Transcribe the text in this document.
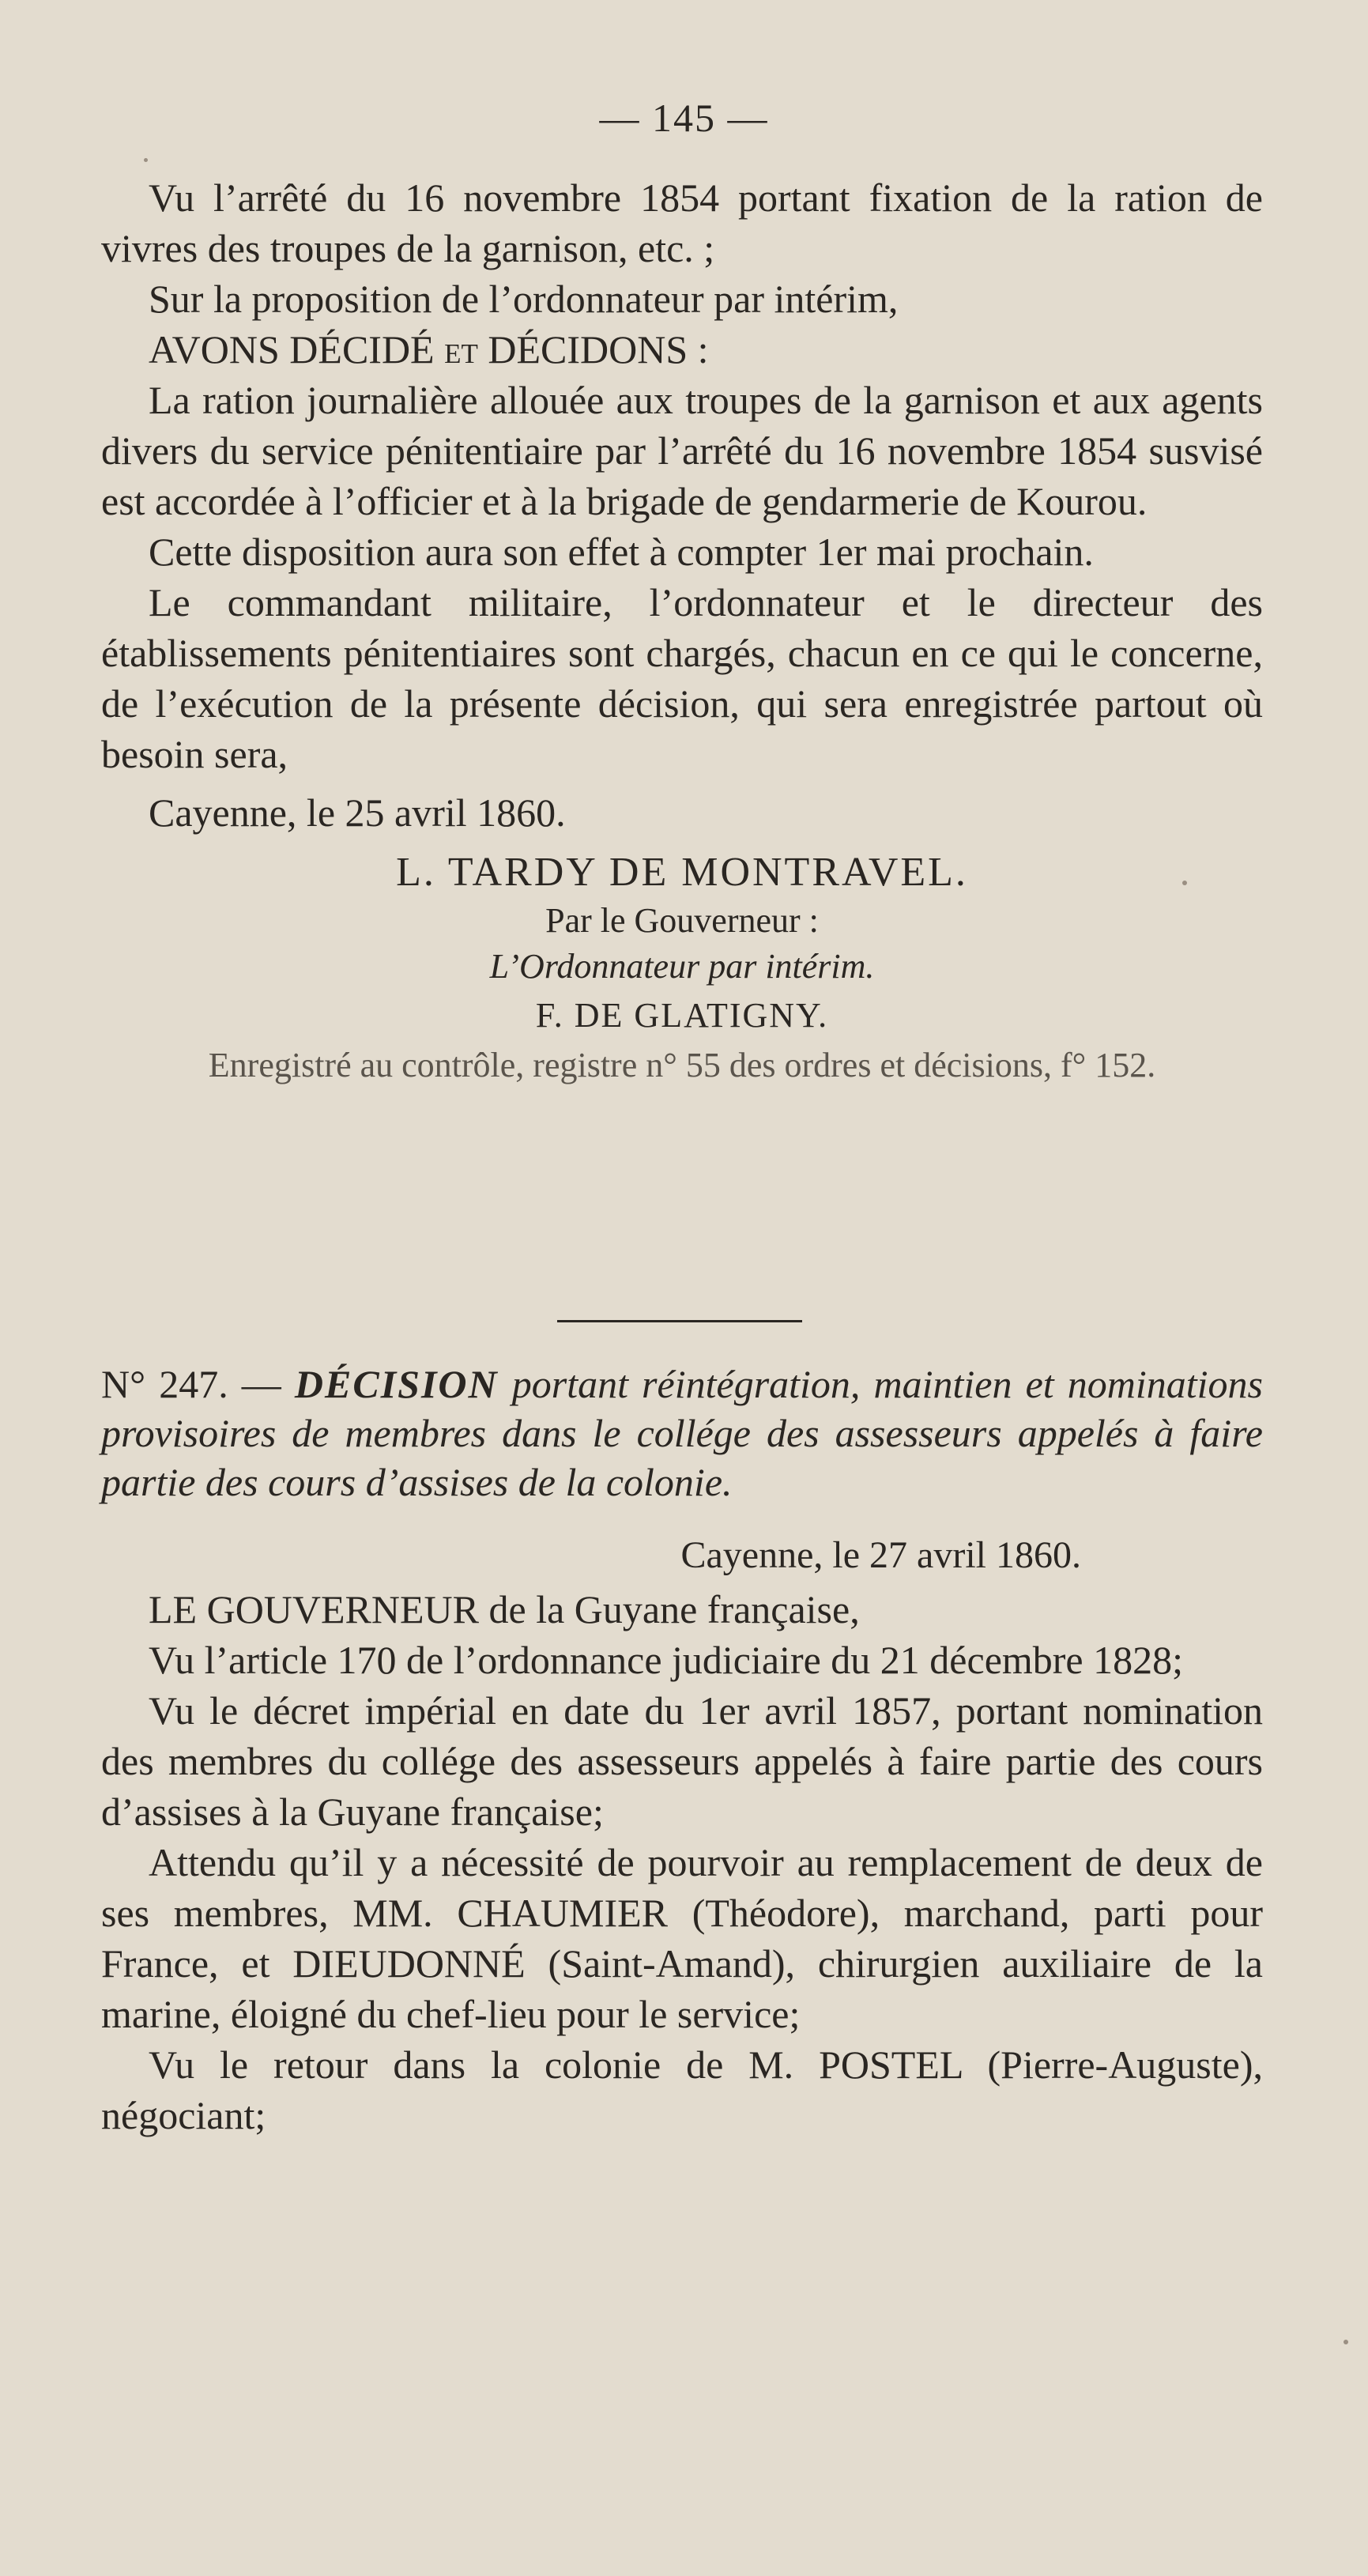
— 145 —

Vu l’arrêté du 16 novembre 1854 portant fixation de la ration de vivres des troupes de la garnison, etc. ;

Sur la proposition de l’ordonnateur par intérim,

AVONS DÉCIDÉ et DÉCIDONS :

La ration journalière allouée aux troupes de la garnison et aux agents divers du service pénitentiaire par l’arrêté du 16 novembre 1854 susvisé est accordée à l’officier et à la brigade de gendarmerie de Kourou.

Cette disposition aura son effet à compter 1er mai prochain.

Le commandant militaire, l’ordonnateur et le directeur des établissements pénitentiaires sont chargés, chacun en ce qui le concerne, de l’exécution de la présente décision, qui sera enregistrée partout où besoin sera,

Cayenne, le 25 avril 1860.

L. TARDY DE MONTRAVEL.

Par le Gouverneur :

L’Ordonnateur par intérim.

F. DE GLATIGNY.

Enregistré au contrôle, registre n° 55 des ordres et décisions, f° 152.

N° 247. — DÉCISION portant réintégration, maintien et nominations provisoires de membres dans le collége des assesseurs appelés à faire partie des cours d’assises de la colonie.

Cayenne, le 27 avril 1860.

LE GOUVERNEUR de la Guyane française,

Vu l’article 170 de l’ordonnance judiciaire du 21 décembre 1828;

Vu le décret impérial en date du 1er avril 1857, portant nomination des membres du collége des assesseurs appelés à faire partie des cours d’assises à la Guyane française;

Attendu qu’il y a nécessité de pourvoir au remplacement de deux de ses membres, MM. CHAUMIER (Théodore), marchand, parti pour France, et DIEUDONNÉ (Saint-Amand), chirurgien auxiliaire de la marine, éloigné du chef-lieu pour le service;

Vu le retour dans la colonie de M. POSTEL (Pierre-Auguste), négociant;
